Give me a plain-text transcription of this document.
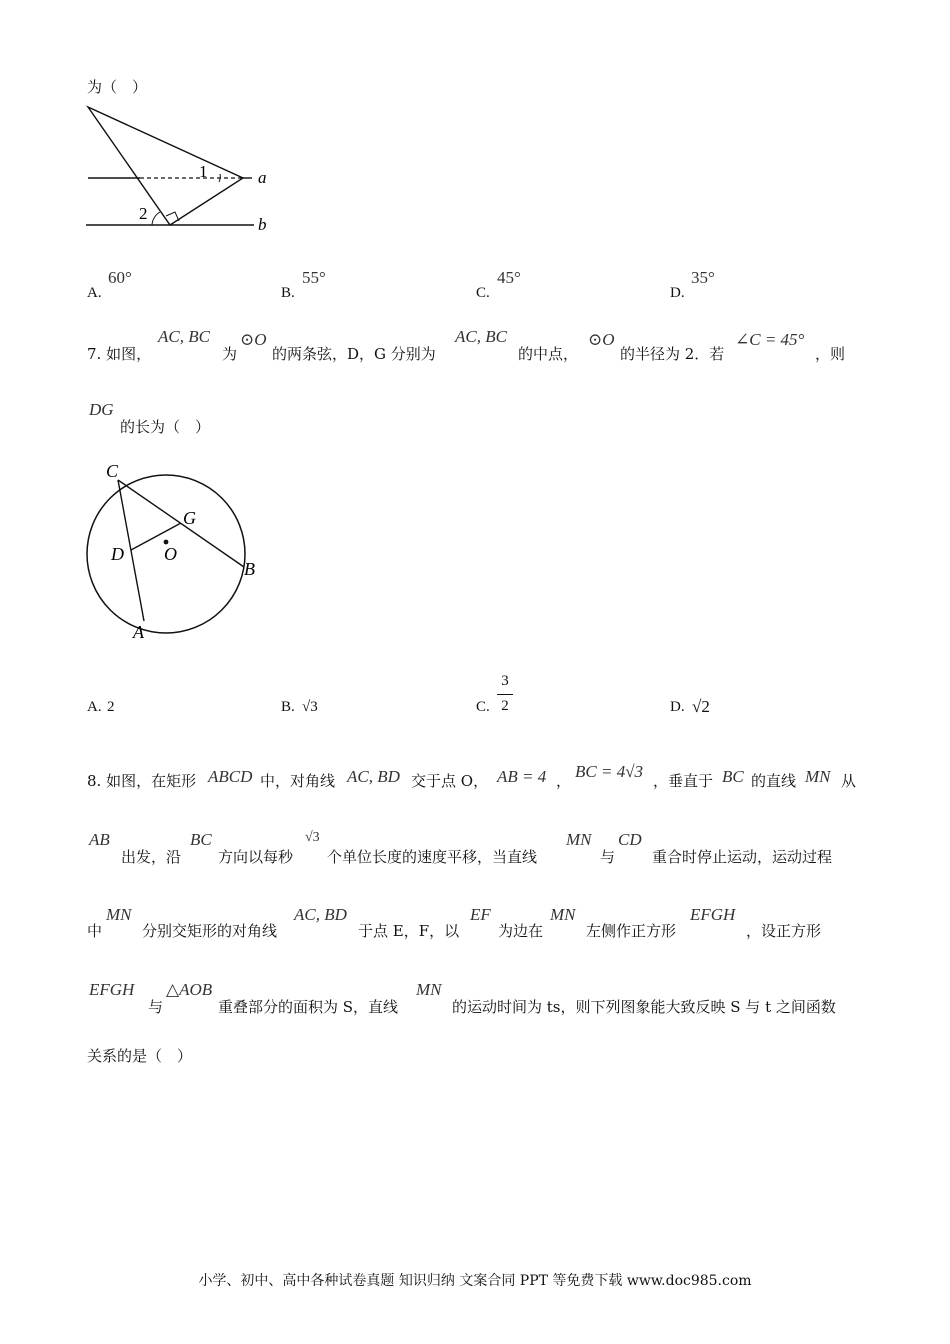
为（　）
1
2
a
b
A.
60°
B.
55°
C.
45°
D.
35°
7. 如图，
AC, BC
为
⊙O
的两条弦，D，G 分别为
AC, BC
的中点，
⊙O
的半径为 2．若
∠C = 45°
，则
DG
的长为（　）
C
G
D O
B
A
A. 2	B. √3	C.
3
2	D. √2
8. 如图，在矩形 ABCD 中，对角线 AC, BD 交于点 O， AB = 4 ， BC = 4√3 ，垂直于 BC 的直线 MN 从
AB
出发，沿
BC
方向以每秒
√3
个单位长度的速度平移，当直线
MN
与
CD
重合时停止运动，运动过程
中
MN
分别交矩形的对角线
AC, BD
于点 E，F，以
EF
为边在
MN
左侧作正方形
EFGH
，设正方形
EFGH
与
△AOB
重叠部分的面积为 S，直线
MN
的运动时间为 ts，则下列图象能大致反映 S 与 t 之间函数
关系的是（　）
小学、初中、高中各种试卷真题 知识归纳 文案合同 PPT 等免费下载 www.doc985.com
